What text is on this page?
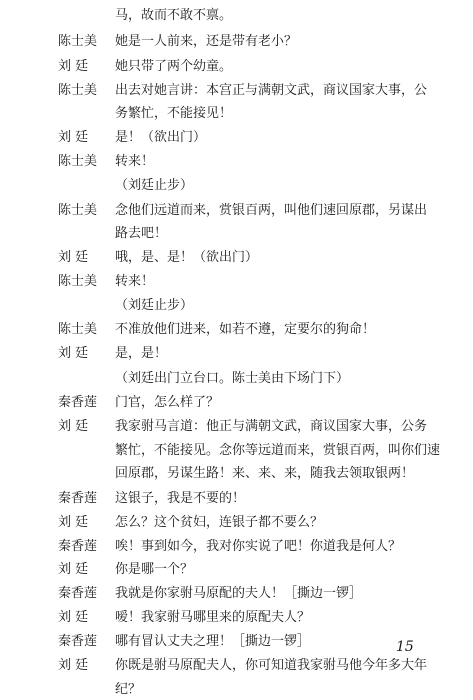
马，故而不敢不禀。
陈士美	她是一人前来，还是带有老小？
刘 廷	她只带了两个幼童。
陈士美	出去对她言讲：本宫正与满朝文武，商议国家大事，公
务繁忙，不能接见！
刘 廷	是！（欲出门）
陈士美	转来！
（刘廷止步）
陈士美	念他们远道而来，赏银百两，叫他们速回原郡，另谋出
路去吧！
刘 廷	哦，是、是！（欲出门）
陈士美	转来！
（刘廷止步）
陈士美	不准放他们进来，如若不遵，定要尔的狗命！
刘 廷	是，是！
（刘廷出门立台口。陈士美由下场门下）
秦香莲	门官，怎么样了？
刘 廷	我家驸马言道：他正与满朝文武，商议国家大事，公务
繁忙，不能接见。念你等远道而来，赏银百两，叫你们速
回原郡，另谋生路！来、来、来，随我去领取银两！
秦香莲	这银子，我是不要的！
刘 廷	怎么？这个贫妇，连银子都不要么？
秦香莲	唉！事到如今，我对你实说了吧！你道我是何人？
刘 廷	你是哪一个？
秦香莲	我就是你家驸马原配的夫人！［撕边一锣］
刘 廷	嗳！我家驸马哪里来的原配夫人？
秦香莲	哪有冒认丈夫之理！［撕边一锣］
刘 廷	你既是驸马原配夫人，你可知道我家驸马他今年多大年
纪？
15
